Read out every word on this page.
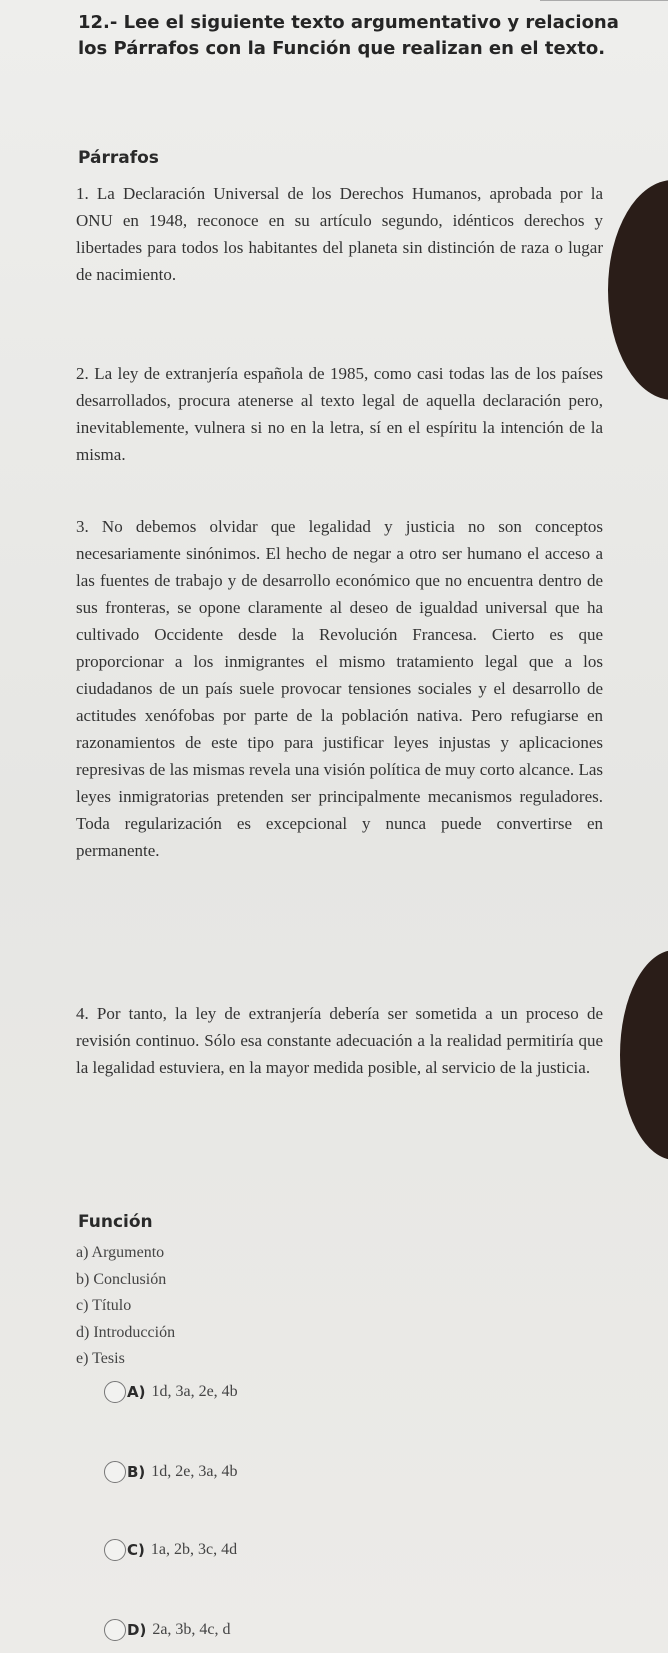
12.- Lee el siguiente texto argumentativo y relaciona los Párrafos con la Función que realizan en el texto.
Párrafos
1. La Declaración Universal de los Derechos Humanos, aprobada por la ONU en 1948, reconoce en su artículo segundo, idénticos derechos y libertades para todos los habitantes del planeta sin distinción de raza o lugar de nacimiento.
2. La ley de extranjería española de 1985, como casi todas las de los países desarrollados, procura atenerse al texto legal de aquella declaración pero, inevitablemente, vulnera si no en la letra, sí en el espíritu la intención de la misma.
3. No debemos olvidar que legalidad y justicia no son conceptos necesariamente sinónimos. El hecho de negar a otro ser humano el acceso a las fuentes de trabajo y de desarrollo económico que no encuentra dentro de sus fronteras, se opone claramente al deseo de igualdad universal que ha cultivado Occidente desde la Revolución Francesa. Cierto es que proporcionar a los inmigrantes el mismo tratamiento legal que a los ciudadanos de un país suele provocar tensiones sociales y el desarrollo de actitudes xenófobas por parte de la población nativa. Pero refugiarse en razonamientos de este tipo para justificar leyes injustas y aplicaciones represivas de las mismas revela una visión política de muy corto alcance. Las leyes inmigratorias pretenden ser principalmente mecanismos reguladores. Toda regularización es excepcional y nunca puede convertirse en permanente.
4. Por tanto, la ley de extranjería debería ser sometida a un proceso de revisión continuo. Sólo esa constante adecuación a la realidad permitiría que la legalidad estuviera, en la mayor medida posible, al servicio de la justicia.
Función
a) Argumento
b) Conclusión
c) Título
d) Introducción
e) Tesis
A) 1d, 3a, 2e, 4b
B) 1d, 2e, 3a, 4b
C) 1a, 2b, 3c, 4d
D) 2a, 3b, 4c, d
